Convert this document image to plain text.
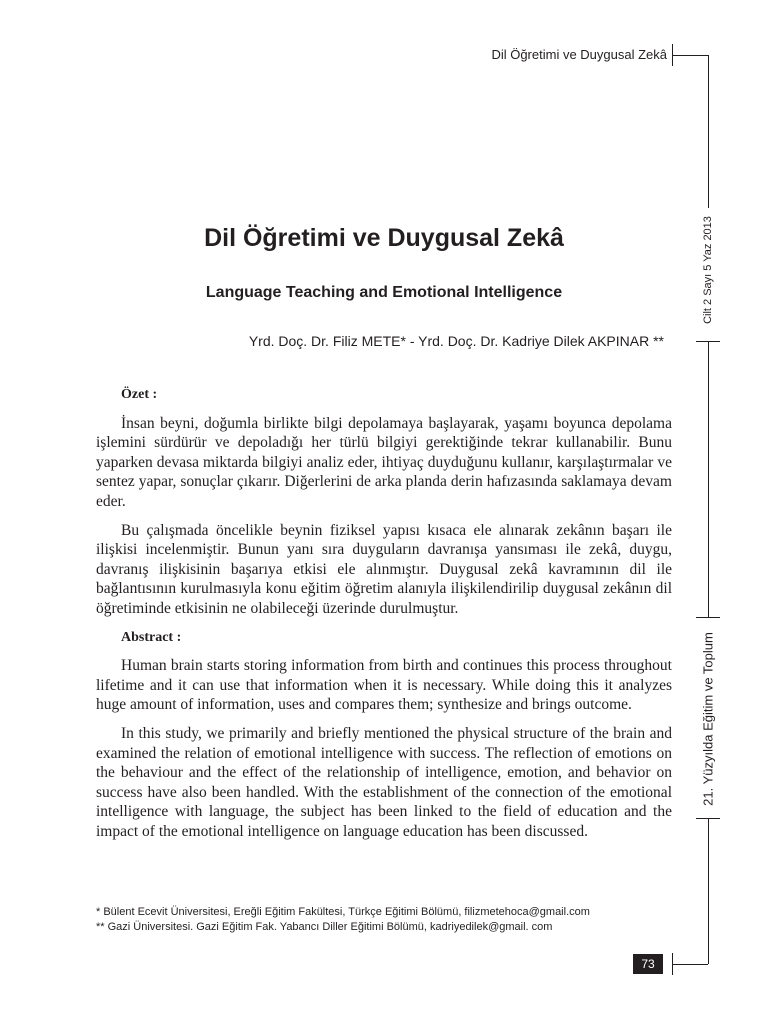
Dil Öğretimi ve Duygusal Zekâ
Cilt 2 Sayı 5 Yaz 2013
21. Yüzyılda Eğitim ve Toplum
Dil Öğretimi ve Duygusal Zekâ
Language Teaching and Emotional Intelligence
Yrd. Doç. Dr. Filiz METE* - Yrd. Doç. Dr. Kadriye Dilek AKPINAR **
Özet :

İnsan beyni, doğumla birlikte bilgi depolamaya başlayarak, yaşamı boyunca depolama işlemini sürdürür ve depoladığı her türlü bilgiyi gerektiğinde tekrar kullanabilir. Bunu yaparken devasa miktarda bilgiyi analiz eder, ihtiyaç duyduğunu kullanır, karşılaştırmalar ve sentez yapar, sonuçlar çıkarır. Diğerlerini de arka planda derin hafızasında saklamaya devam eder.

Bu çalışmada öncelikle beynin fiziksel yapısı kısaca ele alınarak zekânın başarı ile ilişkisi incelenmiştir. Bunun yanı sıra duyguların davranışa yansıması ile zekâ, duygu, davranış ilişkisinin başarıya etkisi ele alınmıştır. Duygusal zekâ kavramının dil ile bağlantısının kurulmasıyla konu eğitim öğretim alanıyla ilişkilendirilip duygusal zekânın dil öğretiminde etkisinin ne olabileceği üzerinde durulmuştur.

Abstract :

Human brain starts storing information from birth and continues this process throughout lifetime and it can use that information when it is necessary. While doing this it analyzes huge amount of information, uses and compares them; synthesize and brings outcome.

In this study, we primarily and briefly mentioned the physical structure of the brain and examined the relation of emotional intelligence with success. The reflection of emotions on the behaviour and the effect of the relationship of intelligence, emotion, and behavior on success have also been handled. With the establishment of the connection of the emotional intelligence with language, the subject has been linked to the field of education and the impact of the emotional intelligence on language education has been discussed.

* Bülent Ecevit Üniversitesi, Ereğli Eğitim Fakültesi, Türkçe Eğitimi Bölümü, filizmetehoca@gmail.com
** Gazi Üniversitesi. Gazi Eğitim Fak. Yabancı Diller Eğitimi Bölümü, kadriyedilek@gmail. com
73
